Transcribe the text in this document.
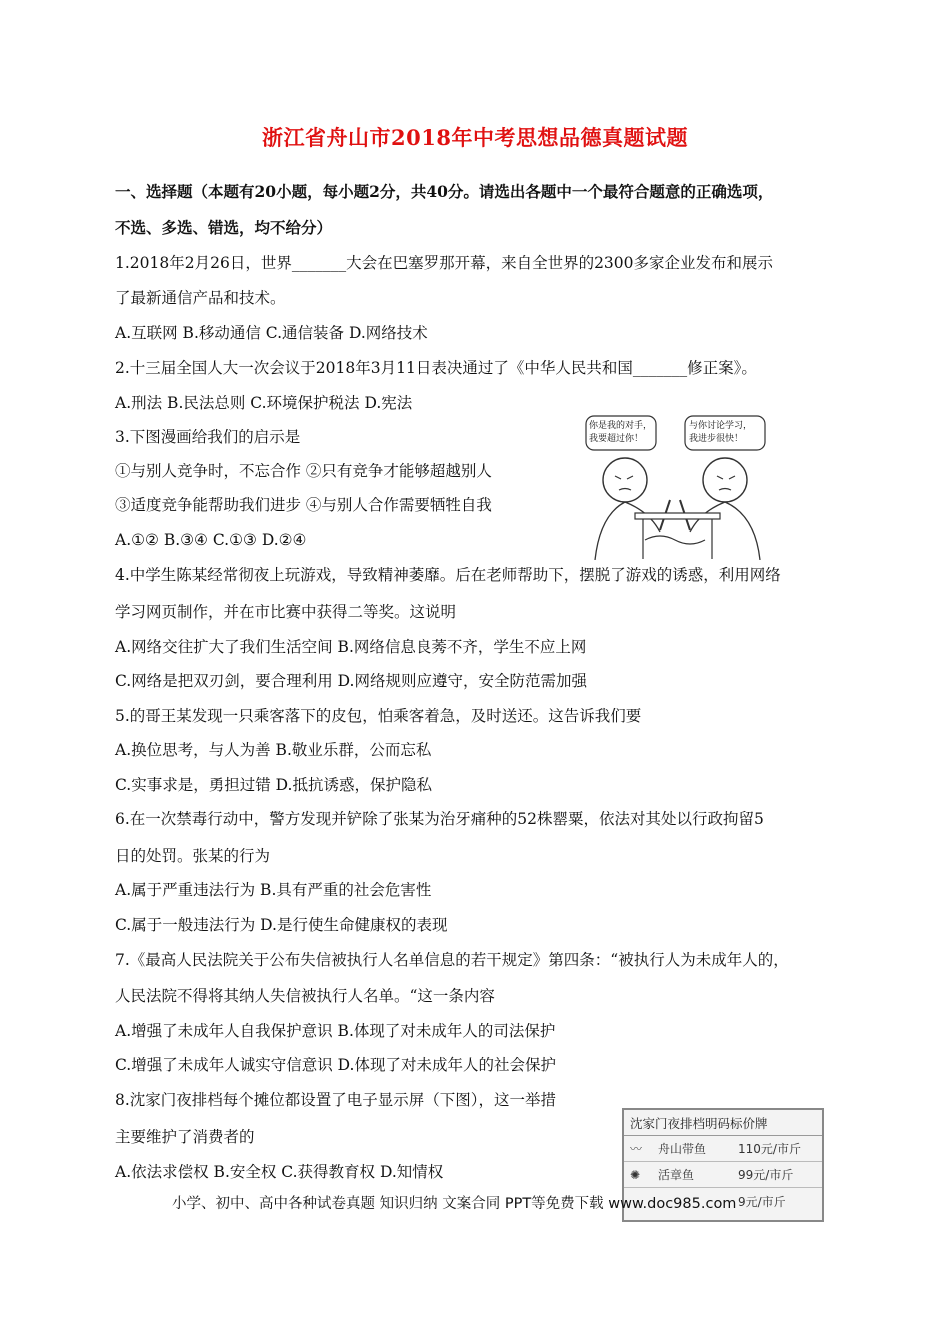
浙江省舟山市2018年中考思想品德真题试题
一、选择题（本题有20小题，每小题2分，共40分。请选出各题中一个最符合题意的正确选项，
不选、多选、错选，均不给分）
1.2018年2月26日，世界_______大会在巴塞罗那开幕，来自全世界的2300多家企业发布和展示
了最新通信产品和技术。
A.互联网 B.移动通信 C.通信装备 D.网络技术
2.十三届全国人大一次会议于2018年3月11日表决通过了《中华人民共和国_______修正案》。
A.刑法 B.民法总则 C.环境保护税法 D.宪法
3.下图漫画给我们的启示是
①与别人竞争时，不忘合作 ②只有竞争才能够超越别人
③适度竞争能帮助我们进步 ④与别人合作需要牺牲自我
A.①② B.③④ C.①③ D.②④
4.中学生陈某经常彻夜上玩游戏，导致精神萎靡。后在老师帮助下，摆脱了游戏的诱惑，利用网络
学习网页制作，并在市比赛中获得二等奖。这说明
A.网络交往扩大了我们生活空间 B.网络信息良莠不齐，学生不应上网
C.网络是把双刃剑，要合理利用 D.网络规则应遵守，安全防范需加强
5.的哥王某发现一只乘客落下的皮包，怕乘客着急，及时送还。这告诉我们要
A.换位思考，与人为善 B.敬业乐群，公而忘私
C.实事求是，勇担过错 D.抵抗诱惑，保护隐私
6.在一次禁毒行动中，警方发现并铲除了张某为治牙痛种的52株罂粟，依法对其处以行政拘留5
日的处罚。张某的行为
A.属于严重违法行为 B.具有严重的社会危害性
C.属于一般违法行为 D.是行使生命健康权的表现
7.《最高人民法院关于公布失信被执行人名单信息的若干规定》第四条：“被执行人为未成年人的，
人民法院不得将其纳人失信被执行人名单。“这一条内容
A.增强了未成年人自我保护意识 B.体现了对未成年人的司法保护
C.增强了未成年人诚实守信意识 D.体现了对未成年人的社会保护
8.沈家门夜排档每个摊位都设置了电子显示屏（下图），这一举措
主要维护了消费者的
A.依法求偿权 B.安全权 C.获得教育权 D.知情权
你是我的对手，
我要超过你！
与你讨论学习，
我进步很快！
沈家门夜排档明码标价牌
〰	舟山带鱼	110元/市斤
✺	活章鱼	99元/市斤
9元/市斤
小学、初中、高中各种试卷真题 知识归纳 文案合同 PPT等免费下载 www.doc985.com
